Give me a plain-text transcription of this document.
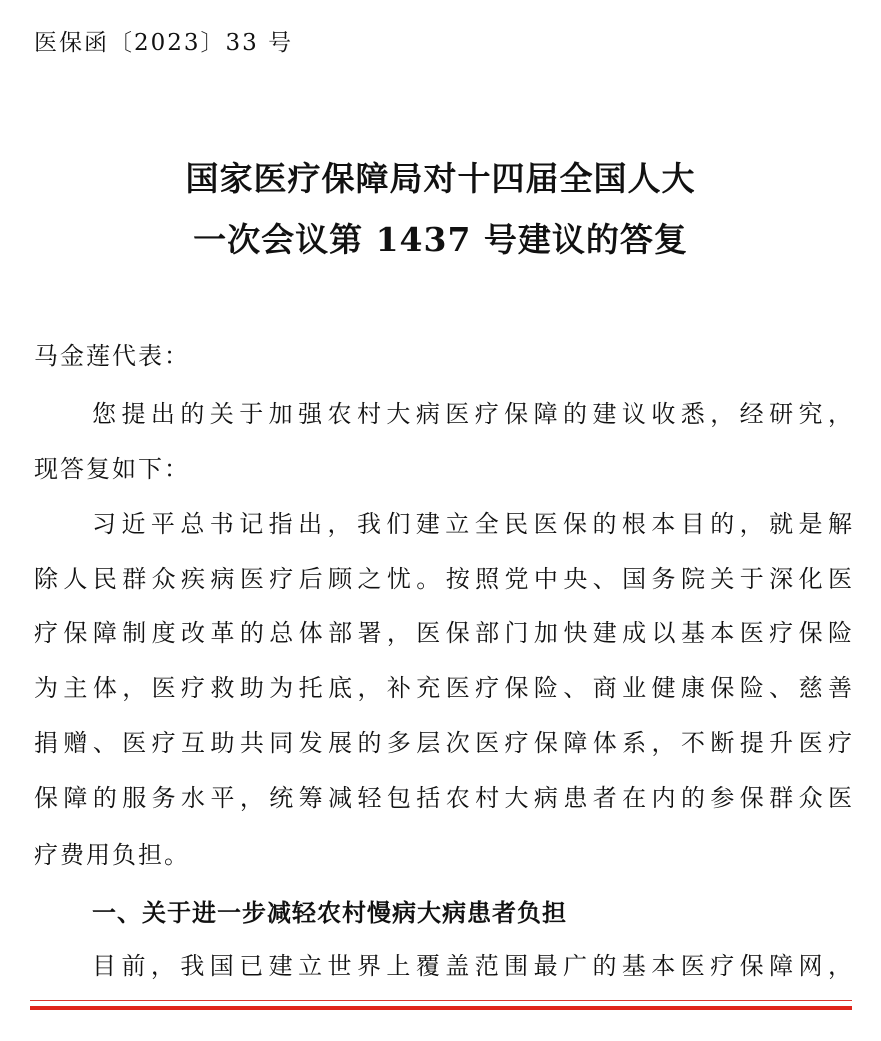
医保函〔2023〕33 号
国家医疗保障局对十四届全国人大
一次会议第 1437 号建议的答复
马金莲代表：
您提出的关于加强农村大病医疗保障的建议收悉，经研究，
现答复如下：
习近平总书记指出，我们建立全民医保的根本目的，就是解
除人民群众疾病医疗后顾之忧。按照党中央、国务院关于深化医
疗保障制度改革的总体部署，医保部门加快建成以基本医疗保险
为主体，医疗救助为托底，补充医疗保险、商业健康保险、慈善
捐赠、医疗互助共同发展的多层次医疗保障体系，不断提升医疗
保障的服务水平，统筹减轻包括农村大病患者在内的参保群众医
疗费用负担。
一、关于进一步减轻农村慢病大病患者负担
目前，我国已建立世界上覆盖范围最广的基本医疗保障网，
